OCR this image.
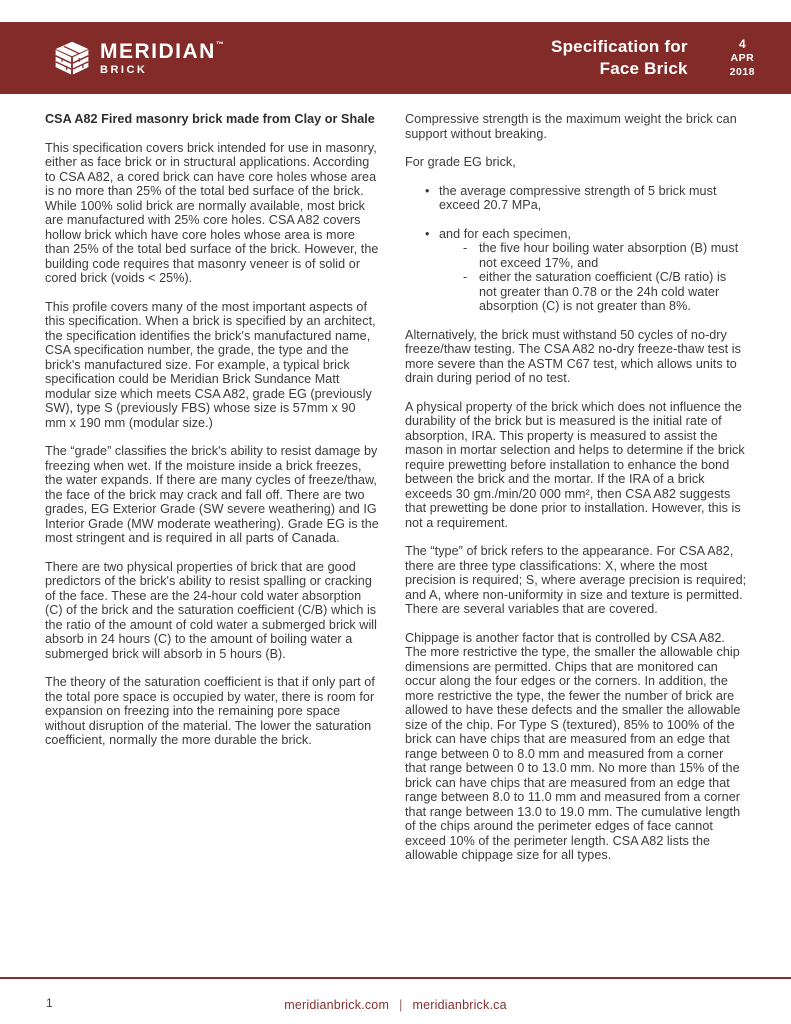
MERIDIAN™
BRICK
Specification for
Face Brick
4
APR
2018

CSA A82 Fired masonry brick made from Clay or Shale

This specification covers brick intended for use in masonry, either as face brick or in structural applications. According to CSA A82, a cored brick can have core holes whose area is no more than 25% of the total bed surface of the brick. While 100% solid brick are normally available, most brick are manufactured with 25% core holes. CSA A82 covers hollow brick which have core holes whose area is more than 25% of the total bed surface of the brick. However, the building code requires that masonry veneer is of solid or cored brick (voids < 25%).

This profile covers many of the most important aspects of this specification. When a brick is specified by an architect, the specification identifies the brick's manufactured name, CSA specification number, the grade, the type and the brick's manufactured size. For example, a typical brick specification could be Meridian Brick Sundance Matt modular size which meets CSA A82, grade EG (previously SW), type S (previously FBS) whose size is 57mm x 90 mm x 190 mm (modular size.)

The “grade” classifies the brick's ability to resist damage by freezing when wet. If the moisture inside a brick freezes, the water expands. If there are many cycles of freeze/thaw, the face of the brick may crack and fall off. There are two grades, EG Exterior Grade (SW severe weathering) and IG Interior Grade (MW moderate weathering). Grade EG is the most stringent and is required in all parts of Canada.

There are two physical properties of brick that are good predictors of the brick's ability to resist spalling or cracking of the face. These are the 24-hour cold water absorption (C) of the brick and the saturation coefficient (C/B) which is the ratio of the amount of cold water a submerged brick will absorb in 24 hours (C) to the amount of boiling water a submerged brick will absorb in 5 hours (B).

The theory of the saturation coefficient is that if only part of the total pore space is occupied by water, there is room for expansion on freezing into the remaining pore space without disruption of the material. The lower the saturation coefficient, normally the more durable the brick.

Compressive strength is the maximum weight the brick can support without breaking.

For grade EG brick,

• the average compressive strength of 5 brick must exceed 20.7 MPa,
• and for each specimen,
- the five hour boiling water absorption (B) must not exceed 17%, and
- either the saturation coefficient (C/B ratio) is not greater than 0.78 or the 24h cold water absorption (C) is not greater than 8%.

Alternatively, the brick must withstand 50 cycles of no-dry freeze/thaw testing. The CSA A82 no-dry freeze-thaw test is more severe than the ASTM C67 test, which allows units to drain during period of no test.

A physical property of the brick which does not influence the durability of the brick but is measured is the initial rate of absorption, IRA. This property is measured to assist the mason in mortar selection and helps to determine if the brick require prewetting before installation to enhance the bond between the brick and the mortar. If the IRA of a brick exceeds 30 gm./min/20 000 mm², then CSA A82 suggests that prewetting be done prior to installation. However, this is not a requirement.

The “type” of brick refers to the appearance. For CSA A82, there are three type classifications: X, where the most precision is required; S, where average precision is required; and A, where non-uniformity in size and texture is permitted. There are several variables that are covered.

Chippage is another factor that is controlled by CSA A82. The more restrictive the type, the smaller the allowable chip dimensions are permitted. Chips that are monitored can occur along the four edges or the corners. In addition, the more restrictive the type, the fewer the number of brick are allowed to have these defects and the smaller the allowable size of the chip. For Type S (textured), 85% to 100% of the brick can have chips that are measured from an edge that range between 0 to 8.0 mm and measured from a corner that range between 0 to 13.0 mm. No more than 15% of the brick can have chips that are measured from an edge that range between 8.0 to 11.0 mm and measured from a corner that range between 13.0 to 19.0 mm. The cumulative length of the chips around the perimeter edges of face cannot exceed 10% of the perimeter length. CSA A82 lists the allowable chippage size for all types.

1	meridianbrick.com | meridianbrick.ca
